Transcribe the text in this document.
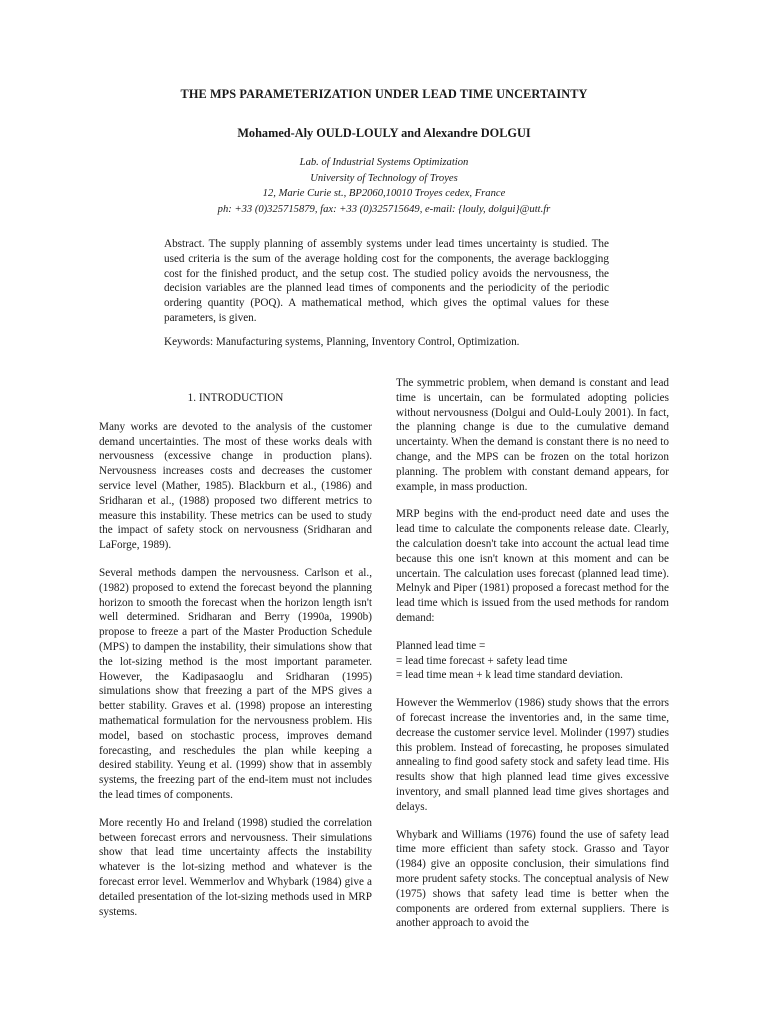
THE MPS PARAMETERIZATION UNDER LEAD TIME UNCERTAINTY
Mohamed-Aly OULD-LOULY and Alexandre DOLGUI
Lab. of Industrial Systems Optimization
University of Technology of Troyes
12, Marie Curie st., BP2060,10010 Troyes cedex, France
ph: +33 (0)325715879, fax: +33 (0)325715649, e-mail: {louly, dolgui}@utt.fr
Abstract. The supply planning of assembly systems under lead times uncertainty is studied. The used criteria is the sum of the average holding cost for the components, the average backlogging cost for the finished product, and the setup cost. The studied policy avoids the nervousness, the decision variables are the planned lead times of components and the periodicity of the periodic ordering quantity (POQ). A mathematical method, which gives the optimal values for these parameters, is given.
Keywords: Manufacturing systems, Planning, Inventory Control, Optimization.
1. INTRODUCTION

Many works are devoted to the analysis of the customer demand uncertainties. The most of these works deals with nervousness (excessive change in production plans). Nervousness increases costs and decreases the customer service level (Mather, 1985). Blackburn et al., (1986) and Sridharan et al., (1988) proposed two different metrics to measure this instability. These metrics can be used to study the impact of safety stock on nervousness (Sridharan and LaForge, 1989).

Several methods dampen the nervousness. Carlson et al., (1982) proposed to extend the forecast beyond the planning horizon to smooth the forecast when the horizon length isn't well determined. Sridharan and Berry (1990a, 1990b) propose to freeze a part of the Master Production Schedule (MPS) to dampen the instability, their simulations show that the lot-sizing method is the most important parameter. However, the Kadipasaoglu and Sridharan (1995) simulations show that freezing a part of the MPS gives a better stability. Graves et al. (1998) propose an interesting mathematical formulation for the nervousness problem. His model, based on stochastic process, improves demand forecasting, and reschedules the plan while keeping a desired stability. Yeung et al. (1999) show that in assembly systems, the freezing part of the end-item must not includes the lead times of components.

More recently Ho and Ireland (1998) studied the correlation between forecast errors and nervousness. Their simulations show that lead time uncertainty affects the instability whatever is the lot-sizing method and whatever is the forecast error level. Wemmerlov and Whybark (1984) give a detailed presentation of the lot-sizing methods used in MRP systems.

The symmetric problem, when demand is constant and lead time is uncertain, can be formulated adopting policies without nervousness (Dolgui and Ould-Louly 2001). In fact, the planning change is due to the cumulative demand uncertainty. When the demand is constant there is no need to change, and the MPS can be frozen on the total horizon planning. The problem with constant demand appears, for example, in mass production.

MRP begins with the end-product need date and uses the lead time to calculate the components release date. Clearly, the calculation doesn't take into account the actual lead time because this one isn't known at this moment and can be uncertain. The calculation uses forecast (planned lead time). Melnyk and Piper (1981) proposed a forecast method for the lead time which is issued from the used methods for random demand:

Planned lead time =
= lead time forecast + safety lead time
= lead time mean + k lead time standard deviation.

However the Wemmerlov (1986) study shows that the errors of forecast increase the inventories and, in the same time, decrease the customer service level. Molinder (1997) studies this problem. Instead of forecasting, he proposes simulated annealing to find good safety stock and safety lead time. His results show that high planned lead time gives excessive inventory, and small planned lead time gives shortages and delays.

Whybark and Williams (1976) found the use of safety lead time more efficient than safety stock. Grasso and Tayor (1984) give an opposite conclusion, their simulations find more prudent safety stocks. The conceptual analysis of New (1975) shows that safety lead time is better when the components are ordered from external suppliers. There is another approach to avoid the
